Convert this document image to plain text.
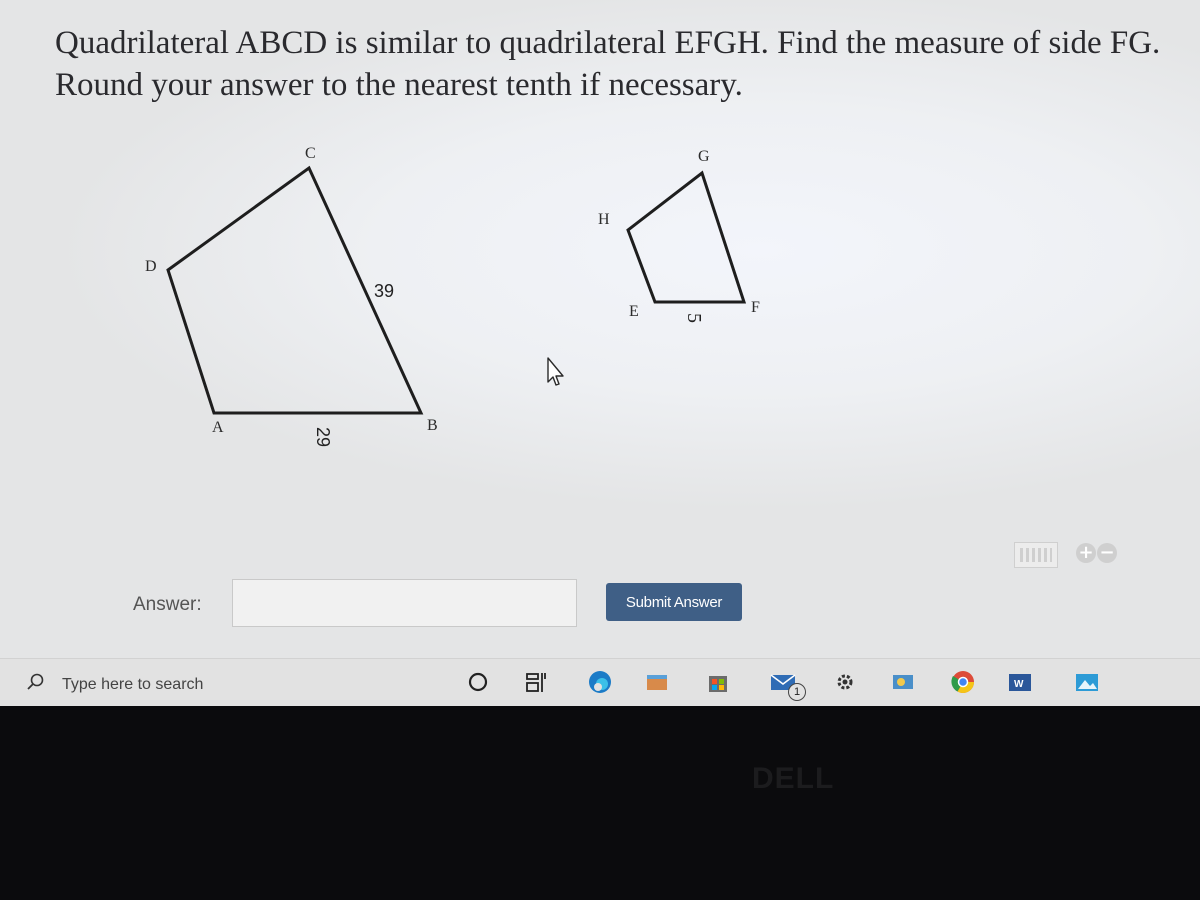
Quadrilateral ABCD is similar to quadrilateral EFGH. Find the measure of side FG.
Round your answer to the nearest tenth if necessary.
C
D
A	B
39
29
G
H
E	F
5
+ −
Answer:	Submit Answer
Type here to search	1
W
DELL
